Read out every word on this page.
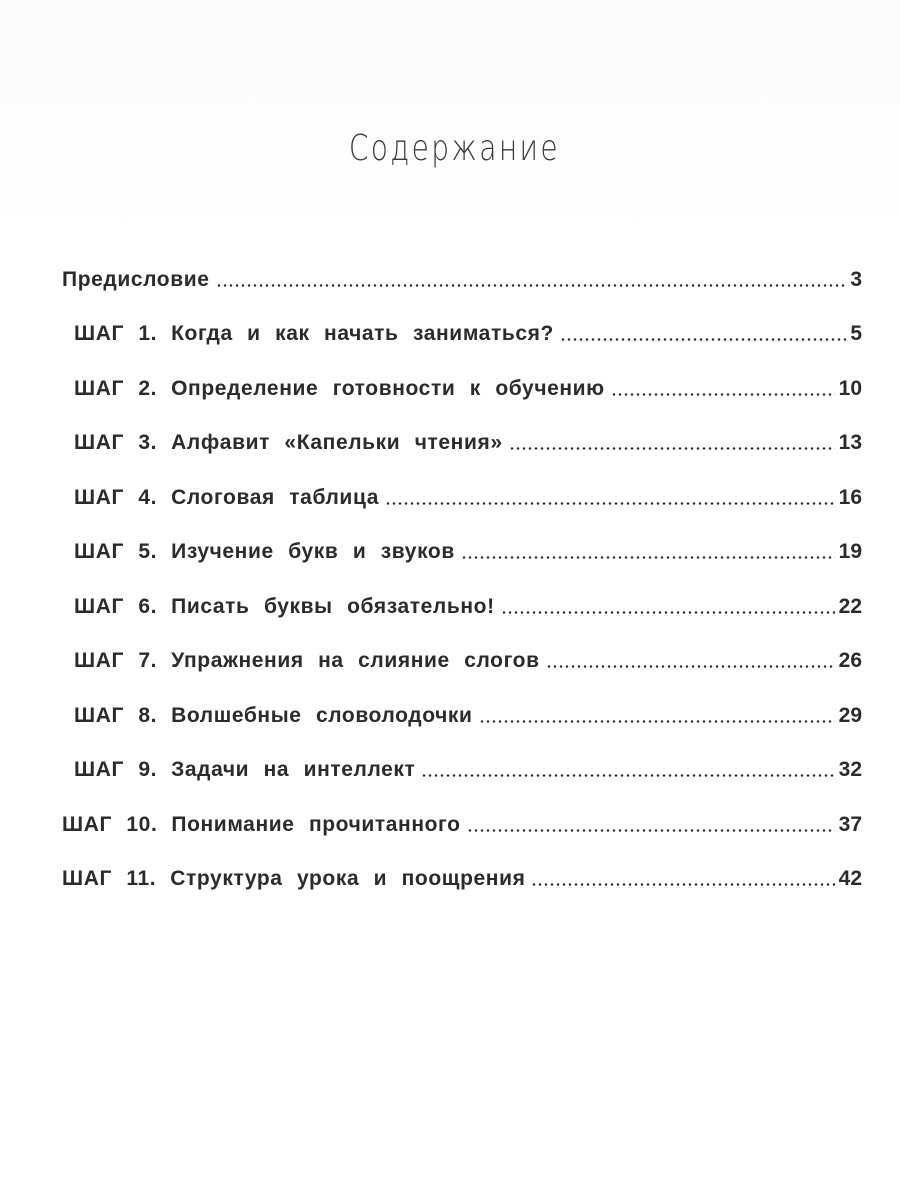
Содержание
Предисловие	3
ШАГ 1. Когда и как начать заниматься?	5
ШАГ 2. Определение готовности к обучению	10
ШАГ 3. Алфавит «Капельки чтения»	13
ШАГ 4. Слоговая таблица	16
ШАГ 5. Изучение букв и звуков	19
ШАГ 6. Писать буквы обязательно!	22
ШАГ 7. Упражнения на слияние слогов	26
ШАГ 8. Волшебные словолодочки	29
ШАГ 9. Задачи на интеллект	32
ШАГ 10. Понимание прочитанного	37
ШАГ 11. Структура урока и поощрения	42
